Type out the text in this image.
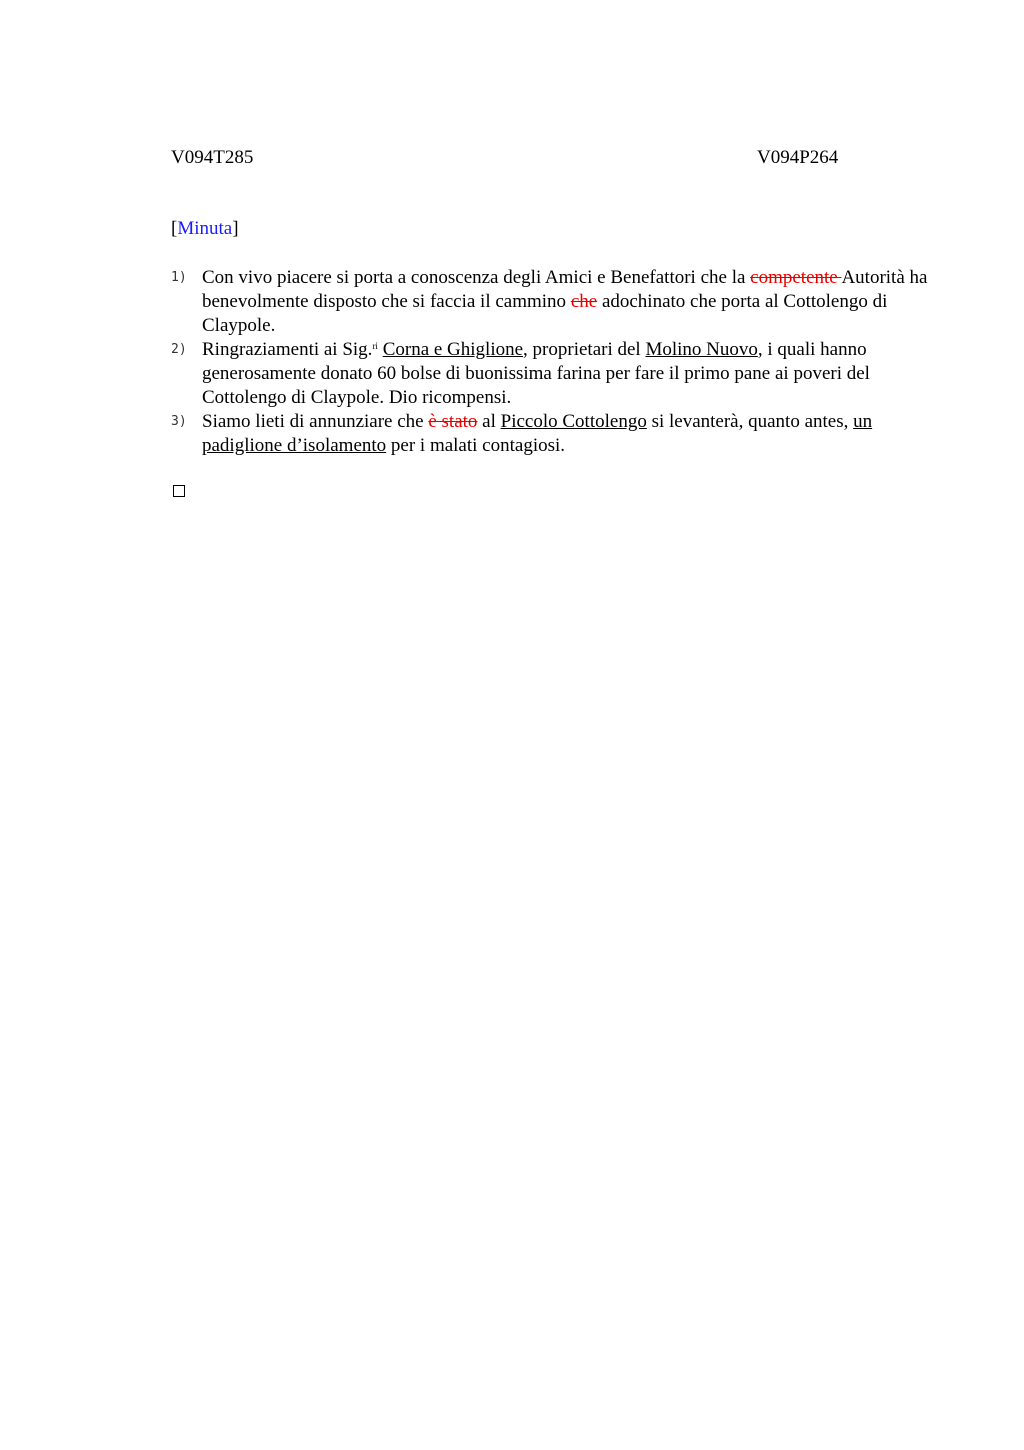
V094T285	V094P264
[Minuta]
1) Con vivo piacere si porta a conoscenza degli Amici e Benefattori che la competente Autorità ha benevolmente disposto che si faccia il cammino che adochinato che porta al Cottolengo di Claypole.
2) Ringraziamenti ai Sig.$^{ri}$ Corna e Ghiglione, proprietari del Molino Nuovo, i quali hanno generosamente donato 60 bolse di buonissima farina per fare il primo pane ai poveri del Cottolengo di Claypole. Dio ricompensi.
3) Siamo lieti di annunziare che è stato al Piccolo Cottolengo si levanterà, quanto antes, un padiglione d’isolamento per i malati contagiosi.
